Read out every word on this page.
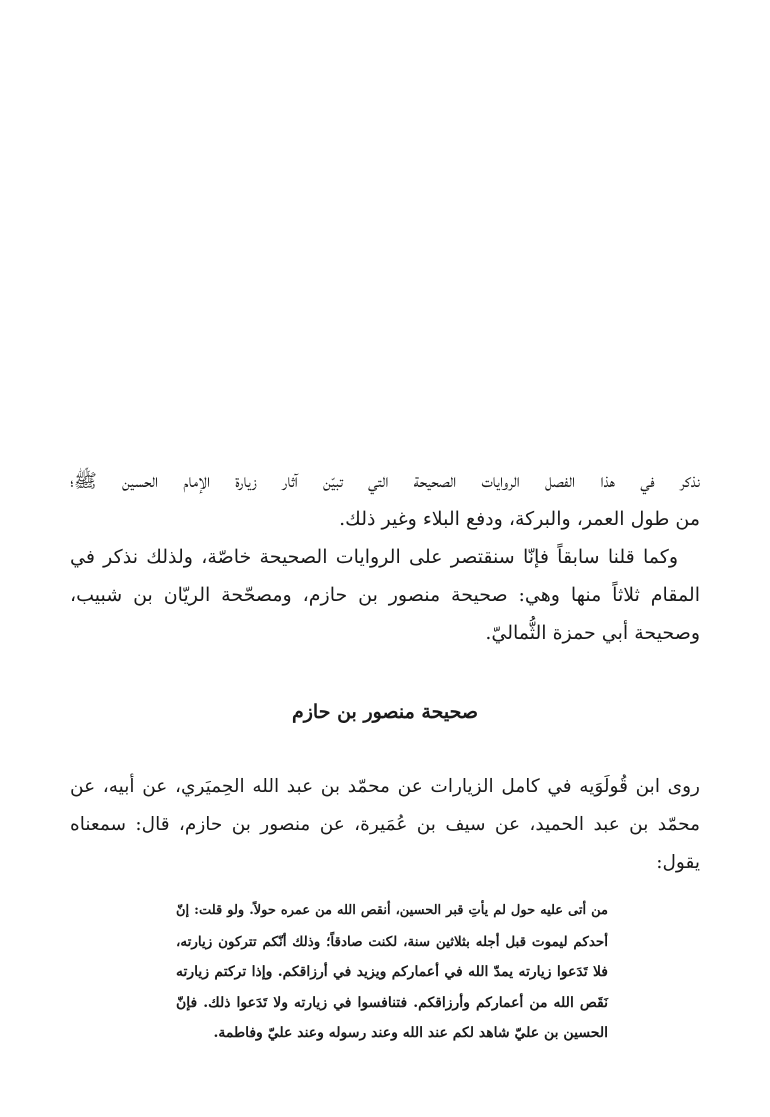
نذكر في هذا الفصل الروايات الصحيحة التي تبيّن آثار زيارة الإمام الحسين ﷺ؛
من طول العمر، والبركة، ودفع البلاء وغير ذلك.
وكما قلنا سابقاً فإنّا سنقتصر على الروايات الصحيحة خاصّة، ولذلك نذكر في
المقام ثلاثاً منها وهي: صحيحة منصور بن حازم، ومصحّحة الريّان بن شبيب،
وصحيحة أبي حمزة الثُّماليّ.
صحيحة منصور بن حازم
روى ابن قُولَوَيه في كامل الزيارات عن محمّد بن عبد الله الحِميَري، عن أبيه، عن
محمّد بن عبد الحميد، عن سيف بن عُمَيرة، عن منصور بن حازم، قال: سمعناه
يقول:
من أتى عليه حول لم يأتِ قبر الحسين، أنقص الله من عمره حولاً. ولو قلت: إنّ
أحدكم ليموت قبل أجله بثلاثين سنة، لكنت صادقاً؛ وذلك أنّكم تتركون زيارته،
فلا تَدَعوا زيارته يمدّ الله في أعماركم ويزيد في أرزاقكم. وإذا تركتم زيارته
نَقَص الله من أعماركم وأرزاقكم. فتنافسوا في زيارته ولا تَدَعوا ذلك. فإنّ
الحسين بن عليّ شاهد لكم عند الله وعند رسوله وعند عليّ وفاطمة.
